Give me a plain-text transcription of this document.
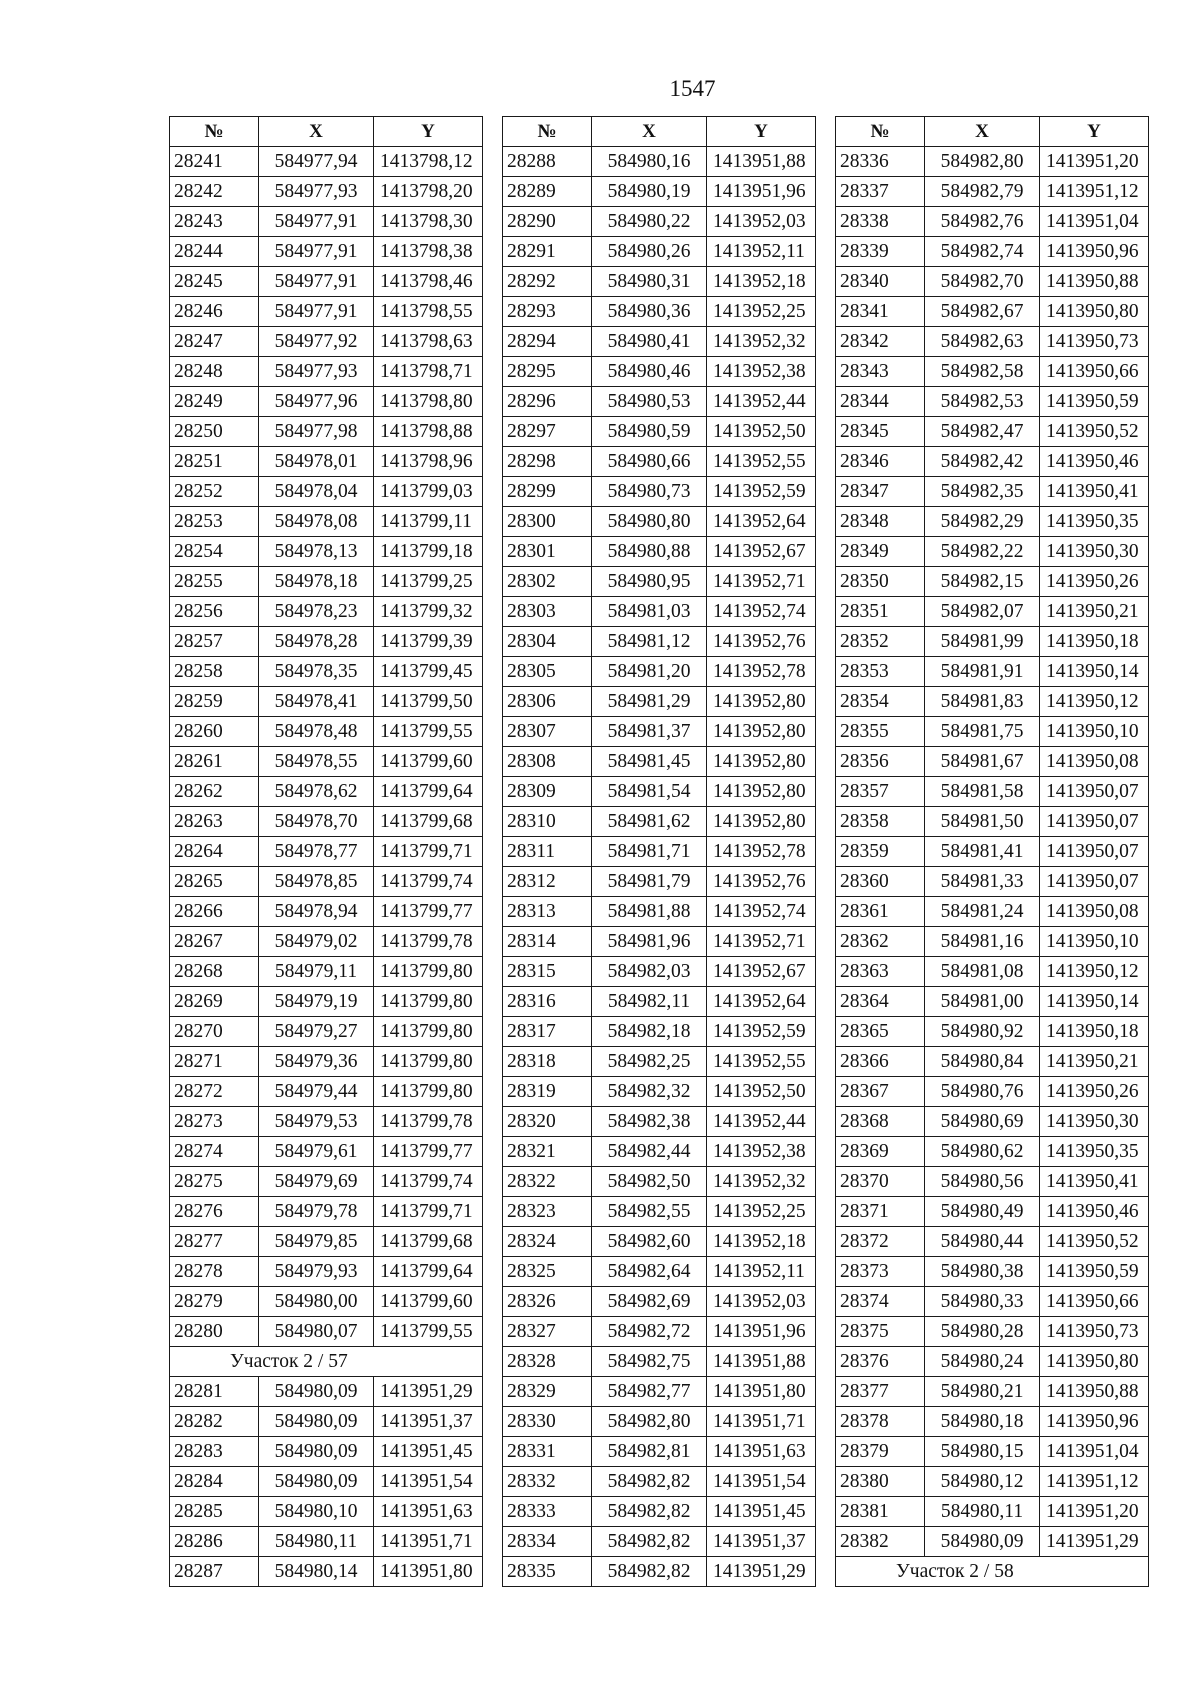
1547
№	X	Y
28241	584977,94	1413798,12
28242	584977,93	1413798,20
28243	584977,91	1413798,30
28244	584977,91	1413798,38
28245	584977,91	1413798,46
28246	584977,91	1413798,55
28247	584977,92	1413798,63
28248	584977,93	1413798,71
28249	584977,96	1413798,80
28250	584977,98	1413798,88
28251	584978,01	1413798,96
28252	584978,04	1413799,03
28253	584978,08	1413799,11
28254	584978,13	1413799,18
28255	584978,18	1413799,25
28256	584978,23	1413799,32
28257	584978,28	1413799,39
28258	584978,35	1413799,45
28259	584978,41	1413799,50
28260	584978,48	1413799,55
28261	584978,55	1413799,60
28262	584978,62	1413799,64
28263	584978,70	1413799,68
28264	584978,77	1413799,71
28265	584978,85	1413799,74
28266	584978,94	1413799,77
28267	584979,02	1413799,78
28268	584979,11	1413799,80
28269	584979,19	1413799,80
28270	584979,27	1413799,80
28271	584979,36	1413799,80
28272	584979,44	1413799,80
28273	584979,53	1413799,78
28274	584979,61	1413799,77
28275	584979,69	1413799,74
28276	584979,78	1413799,71
28277	584979,85	1413799,68
28278	584979,93	1413799,64
28279	584980,00	1413799,60
28280	584980,07	1413799,55
Участок 2 / 57		
28281	584980,09	1413951,29
28282	584980,09	1413951,37
28283	584980,09	1413951,45
28284	584980,09	1413951,54
28285	584980,10	1413951,63
28286	584980,11	1413951,71
28287	584980,14	1413951,80
№	X	Y
28288	584980,16	1413951,88
28289	584980,19	1413951,96
28290	584980,22	1413952,03
28291	584980,26	1413952,11
28292	584980,31	1413952,18
28293	584980,36	1413952,25
28294	584980,41	1413952,32
28295	584980,46	1413952,38
28296	584980,53	1413952,44
28297	584980,59	1413952,50
28298	584980,66	1413952,55
28299	584980,73	1413952,59
28300	584980,80	1413952,64
28301	584980,88	1413952,67
28302	584980,95	1413952,71
28303	584981,03	1413952,74
28304	584981,12	1413952,76
28305	584981,20	1413952,78
28306	584981,29	1413952,80
28307	584981,37	1413952,80
28308	584981,45	1413952,80
28309	584981,54	1413952,80
28310	584981,62	1413952,80
28311	584981,71	1413952,78
28312	584981,79	1413952,76
28313	584981,88	1413952,74
28314	584981,96	1413952,71
28315	584982,03	1413952,67
28316	584982,11	1413952,64
28317	584982,18	1413952,59
28318	584982,25	1413952,55
28319	584982,32	1413952,50
28320	584982,38	1413952,44
28321	584982,44	1413952,38
28322	584982,50	1413952,32
28323	584982,55	1413952,25
28324	584982,60	1413952,18
28325	584982,64	1413952,11
28326	584982,69	1413952,03
28327	584982,72	1413951,96
28328	584982,75	1413951,88
28329	584982,77	1413951,80
28330	584982,80	1413951,71
28331	584982,81	1413951,63
28332	584982,82	1413951,54
28333	584982,82	1413951,45
28334	584982,82	1413951,37
28335	584982,82	1413951,29
№	X	Y
28336	584982,80	1413951,20
28337	584982,79	1413951,12
28338	584982,76	1413951,04
28339	584982,74	1413950,96
28340	584982,70	1413950,88
28341	584982,67	1413950,80
28342	584982,63	1413950,73
28343	584982,58	1413950,66
28344	584982,53	1413950,59
28345	584982,47	1413950,52
28346	584982,42	1413950,46
28347	584982,35	1413950,41
28348	584982,29	1413950,35
28349	584982,22	1413950,30
28350	584982,15	1413950,26
28351	584982,07	1413950,21
28352	584981,99	1413950,18
28353	584981,91	1413950,14
28354	584981,83	1413950,12
28355	584981,75	1413950,10
28356	584981,67	1413950,08
28357	584981,58	1413950,07
28358	584981,50	1413950,07
28359	584981,41	1413950,07
28360	584981,33	1413950,07
28361	584981,24	1413950,08
28362	584981,16	1413950,10
28363	584981,08	1413950,12
28364	584981,00	1413950,14
28365	584980,92	1413950,18
28366	584980,84	1413950,21
28367	584980,76	1413950,26
28368	584980,69	1413950,30
28369	584980,62	1413950,35
28370	584980,56	1413950,41
28371	584980,49	1413950,46
28372	584980,44	1413950,52
28373	584980,38	1413950,59
28374	584980,33	1413950,66
28375	584980,28	1413950,73
28376	584980,24	1413950,80
28377	584980,21	1413950,88
28378	584980,18	1413950,96
28379	584980,15	1413951,04
28380	584980,12	1413951,12
28381	584980,11	1413951,20
28382	584980,09	1413951,29
Участок 2 / 58		
